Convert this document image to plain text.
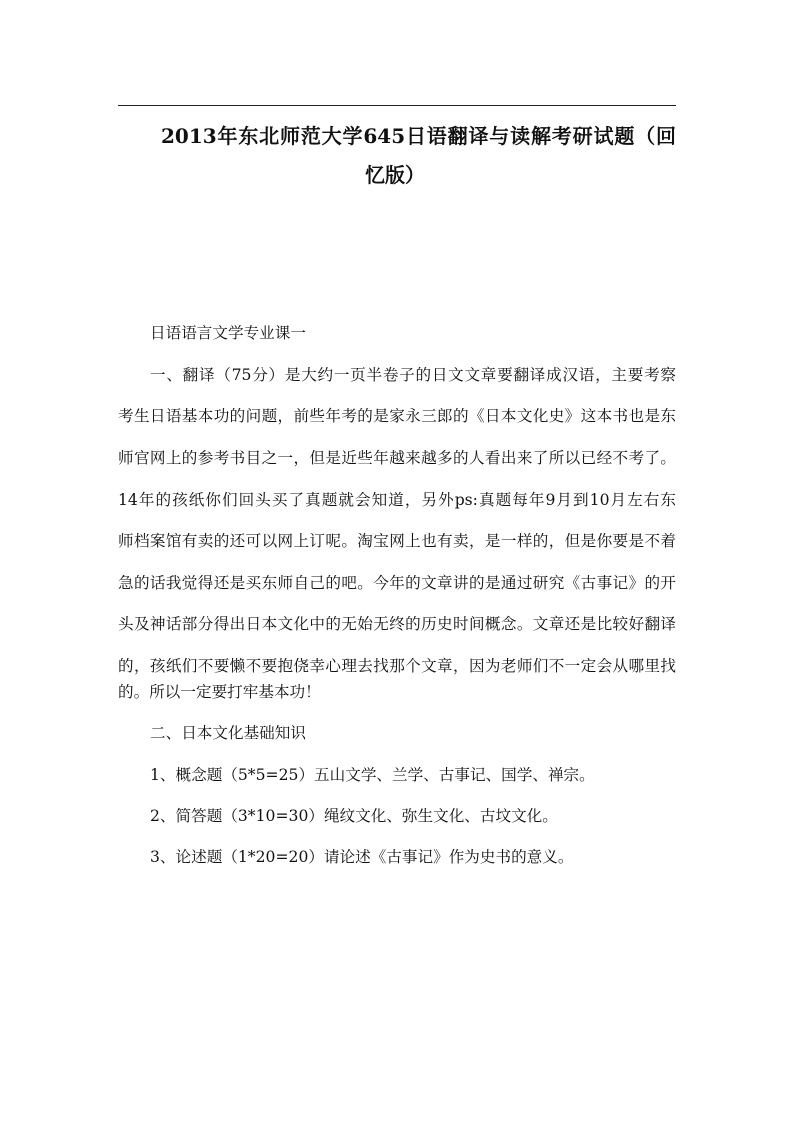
2013年东北师范大学645日语翻译与读解考研试题（回
忆版）
日语语言文学专业课一
一、翻译（75分）是大约一页半卷子的日文文章要翻译成汉语，主要考察
考生日语基本功的问题，前些年考的是家永三郎的《日本文化史》这本书也是东
师官网上的参考书目之一，但是近些年越来越多的人看出来了所以已经不考了。
14年的孩纸你们回头买了真题就会知道，另外ps:真题每年9月到10月左右东
师档案馆有卖的还可以网上订呢。淘宝网上也有卖，是一样的，但是你要是不着
急的话我觉得还是买东师自己的吧。今年的文章讲的是通过研究《古事记》的开
头及神话部分得出日本文化中的无始无终的历史时间概念。文章还是比较好翻译
的，孩纸们不要懒不要抱侥幸心理去找那个文章，因为老师们不一定会从哪里找
的。所以一定要打牢基本功！
二、日本文化基础知识
1、概念题（5*5=25）五山文学、兰学、古事记、国学、禅宗。
2、简答题（3*10=30）绳纹文化、弥生文化、古坟文化。
3、论述题（1*20=20）请论述《古事记》作为史书的意义。
